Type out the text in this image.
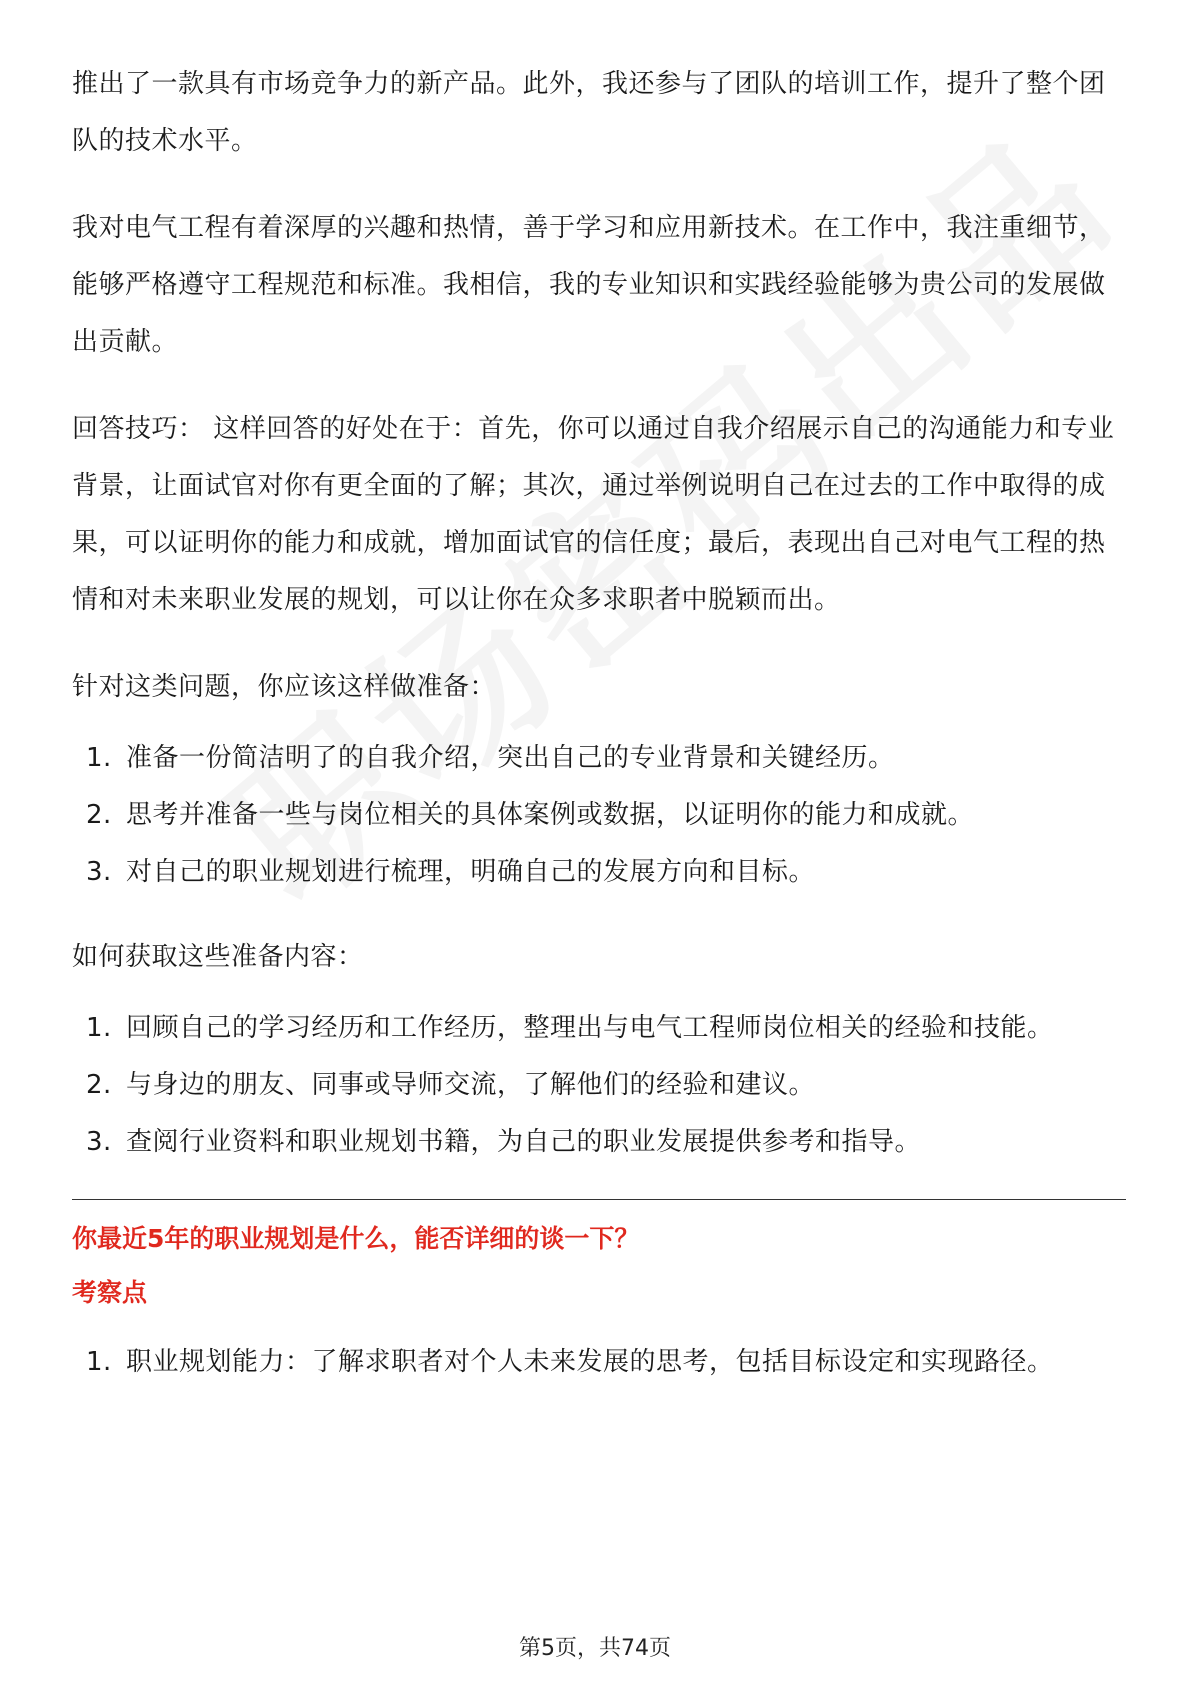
推出了一款具有市场竞争力的新产品。此外，我还参与了团队的培训工作，提升了整个团队的技术水平。

我对电气工程有着深厚的兴趣和热情，善于学习和应用新技术。在工作中，我注重细节，能够严格遵守工程规范和标准。我相信，我的专业知识和实践经验能够为贵公司的发展做出贡献。

回答技巧： 这样回答的好处在于：首先，你可以通过自我介绍展示自己的沟通能力和专业背景，让面试官对你有更全面的了解；其次，通过举例说明自己在过去的工作中取得的成果，可以证明你的能力和成就，增加面试官的信任度；最后，表现出自己对电气工程的热情和对未来职业发展的规划，可以让你在众多求职者中脱颖而出。

针对这类问题，你应该这样做准备：

1. 准备一份简洁明了的自我介绍，突出自己的专业背景和关键经历。
2. 思考并准备一些与岗位相关的具体案例或数据，以证明你的能力和成就。
3. 对自己的职业规划进行梳理，明确自己的发展方向和目标。

如何获取这些准备内容：

1. 回顾自己的学习经历和工作经历，整理出与电气工程师岗位相关的经验和技能。
2. 与身边的朋友、同事或导师交流，了解他们的经验和建议。
3. 查阅行业资料和职业规划书籍，为自己的职业发展提供参考和指导。

你最近5年的职业规划是什么，能否详细的谈一下？

考察点

1. 职业规划能力：了解求职者对个人未来发展的思考，包括目标设定和实现路径。
第5页，共74页
